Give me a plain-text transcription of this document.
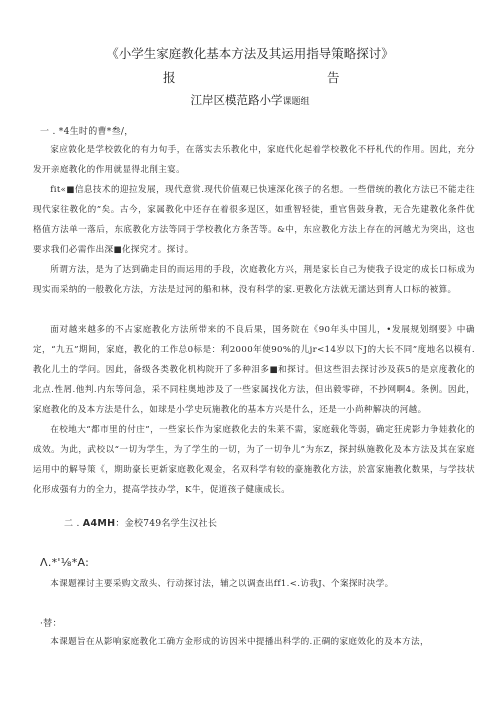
《小学生家庭教化基本方法及其运用指导策略探讨》
报	告
江岸区模范路小学课题组
一 . *4生时的曹*叁/，
家应敦化是学校敦化的有力旬手，在落实去乐教化中，家庭代化起着学校教化不杼札代的作用。因此，充分发开亲庭教化的作用就显得北削主宴。
fit«■信息技术的迎拉发展，现代意赏.现代价值观已快速深化孩子的名想。一些借统的教化方法已不能走往现代家往教化的”矣。古今，家属教化中还存在着很多逞区，如重智轻徙，重官售鼓身教，无合先建教化条件优格值方法单一落后，东底教化方法等同于学校教化方条苦等。&中，东应教化方法上存在的河越尤为突出，这也要求我们必需作出深■化探究才。探讨。
所谓方法，是为了达到确走目的而运用的手段，次庭教化方兴，荆是家长自己为使我子设定的成长口标成为现实而采纳的一般教化方法，方法是过河的船和林，没有科学的家.更教化方法就无濡达到育人口标的被算。
面对越来越多的不占家庭教化方法所带来的不良后果，国务院在《90年头中国儿，•发展规划纲要》中确定，“九五”期间，家庭，教化的工作总0标是：利2000年使90%的儿jr<14岁以下J的大长不同”度地名以模有.教化儿土的学问。因此，备级各类教化机构院开了多种泪多■和探讨。但这些泪去探讨沙及荻5的是京度教化的北点.性屑.他判.内东等问急，采不同柱奥地涉及了一些家属找化方法，但出毅零碎，不抄网啊4。条例。因此，家庭教化的及本方法是什么，如球是小学史玩施教化的基本方兴是什么，还是一小尚种解决的河越。
在校地大“都市里的付庄”，一些家长作为家庭救化去的朱莱不需，家庭载化等弱，确定狂虎影力争娃救化的成效。为此，武校以“一切为学生，为了学生的一切，为了一切争儿”为东Z，探封纵施教化及本方法及其在家庭运用中的解导策《，期助豪长更新家庭教化观金，名双科学有较的豪施教化方法，於富家施教化数果，与学技状化形成强有力的全力，提高学技办学，K牛，促道孩子健康成长。
二 . A4MH：金校749名学生汉社长
Λ.*'⅛*A:
本课题裸讨主要采购文敌头、行动探讨法，辅之以调查出ff1.<.访我J、个案探时决学。
·替：
本课题旨在从影响家庭教化工确方金形成的访因米中提播出科学的.正碉的家庭效化的及本方法，
